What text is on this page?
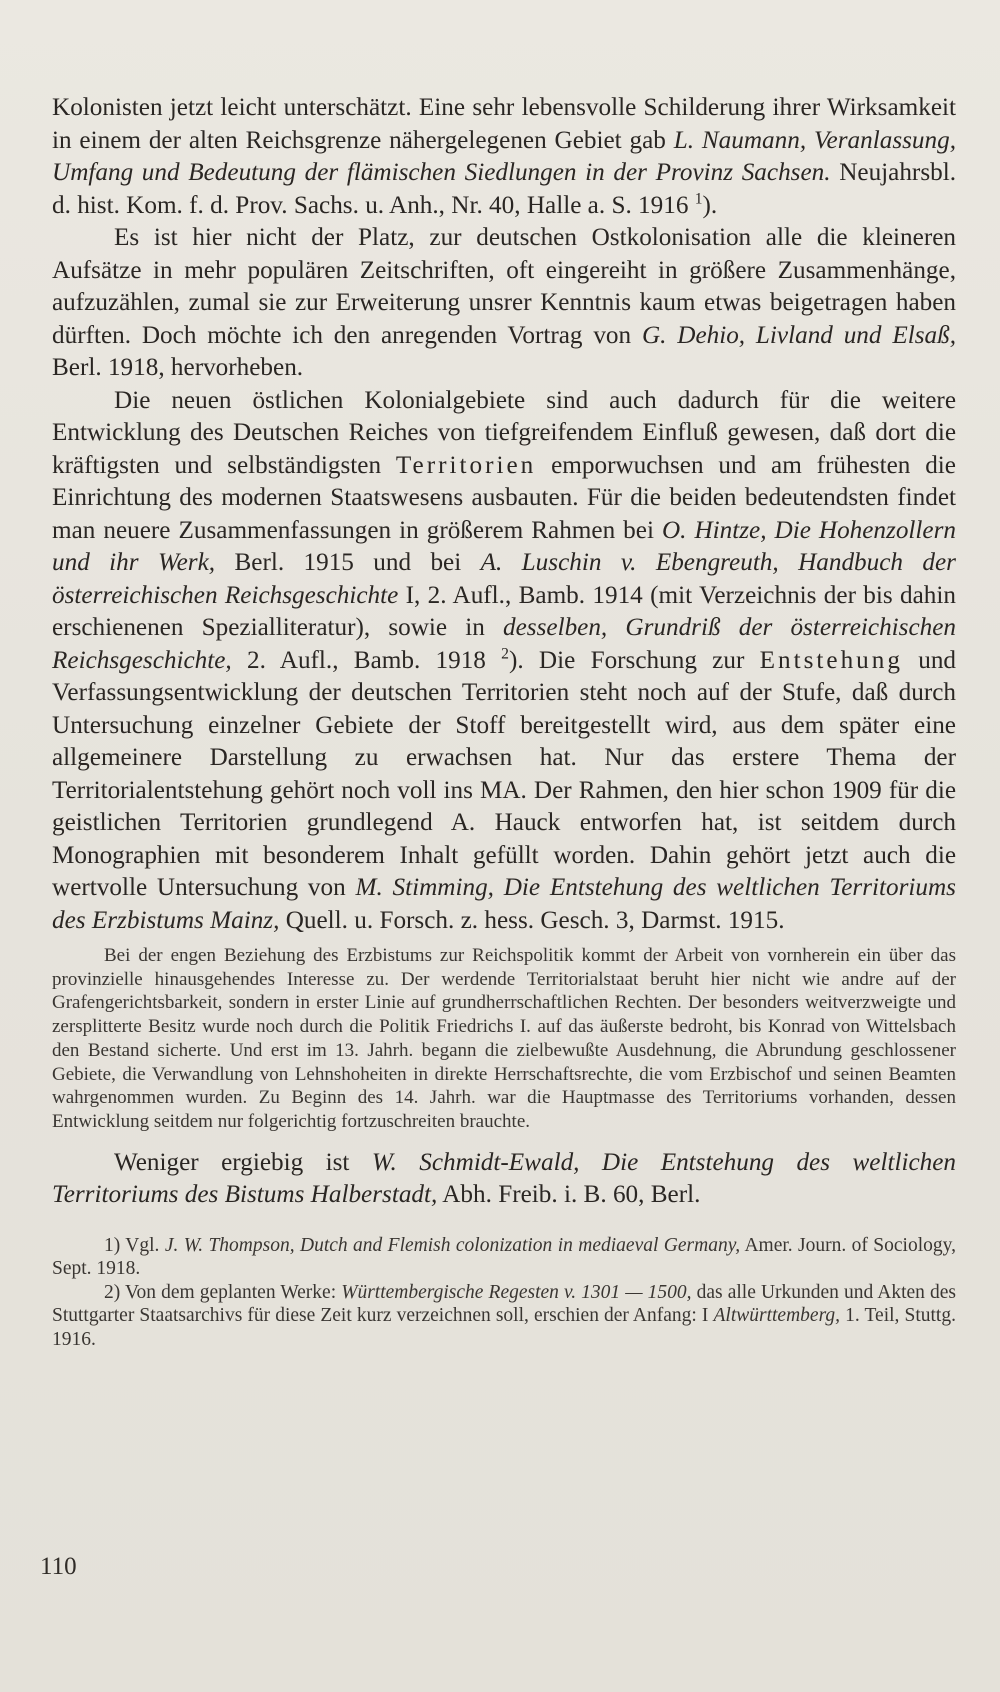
Kolonisten jetzt leicht unterschätzt. Eine sehr lebensvolle Schilderung ihrer Wirksamkeit in einem der alten Reichsgrenze nähergelegenen Gebiet gab L. Naumann, Veranlassung, Umfang und Bedeutung der flämischen Siedlungen in der Provinz Sachsen. Neujahrsbl. d. hist. Kom. f. d. Prov. Sachs. u. Anh., Nr. 40, Halle a. S. 1916 $^1$).

Es ist hier nicht der Platz, zur deutschen Ostkolonisation alle die kleineren Aufsätze in mehr populären Zeitschriften, oft eingereiht in größere Zusammenhänge, aufzuzählen, zumal sie zur Erweiterung unsrer Kenntnis kaum etwas beigetragen haben dürften. Doch möchte ich den anregenden Vortrag von G. Dehio, Livland und Elsaß, Berl. 1918, hervorheben.

Die neuen östlichen Kolonialgebiete sind auch dadurch für die weitere Entwicklung des Deutschen Reiches von tiefgreifendem Einfluß gewesen, daß dort die kräftigsten und selbständigsten Territorien emporwuchsen und am frühesten die Einrichtung des modernen Staatswesens ausbauten. Für die beiden bedeutendsten findet man neuere Zusammenfassungen in größerem Rahmen bei O. Hintze, Die Hohenzollern und ihr Werk, Berl. 1915 und bei A. Luschin v. Ebengreuth, Handbuch der österreichischen Reichsgeschichte I, 2. Aufl., Bamb. 1914 (mit Verzeichnis der bis dahin erschienenen Spezialliteratur), sowie in desselben, Grundriß der österreichischen Reichsgeschichte, 2. Aufl., Bamb. 1918 $^2$). Die Forschung zur Entstehung und Verfassungsentwicklung der deutschen Territorien steht noch auf der Stufe, daß durch Untersuchung einzelner Gebiete der Stoff bereitgestellt wird, aus dem später eine allgemeinere Darstellung zu erwachsen hat. Nur das erstere Thema der Territorialentstehung gehört noch voll ins MA. Der Rahmen, den hier schon 1909 für die geistlichen Territorien grundlegend A. Hauck entworfen hat, ist seitdem durch Monographien mit besonderem Inhalt gefüllt worden. Dahin gehört jetzt auch die wertvolle Untersuchung von M. Stimming, Die Entstehung des weltlichen Territoriums des Erzbistums Mainz, Quell. u. Forsch. z. hess. Gesch. 3, Darmst. 1915.

Bei der engen Beziehung des Erzbistums zur Reichspolitik kommt der Arbeit von vornherein ein über das provinzielle hinausgehendes Interesse zu. Der werdende Territorialstaat beruht hier nicht wie andre auf der Grafengerichtsbarkeit, sondern in erster Linie auf grundherrschaftlichen Rechten. Der besonders weitverzweigte und zersplitterte Besitz wurde noch durch die Politik Friedrichs I. auf das äußerste bedroht, bis Konrad von Wittelsbach den Bestand sicherte. Und erst im 13. Jahrh. begann die zielbewußte Ausdehnung, die Abrundung geschlossener Gebiete, die Verwandlung von Lehnshoheiten in direkte Herrschaftsrechte, die vom Erzbischof und seinen Beamten wahrgenommen wurden. Zu Beginn des 14. Jahrh. war die Hauptmasse des Territoriums vorhanden, dessen Entwicklung seitdem nur folgerichtig fortzuschreiten brauchte.

Weniger ergiebig ist W. Schmidt-Ewald, Die Entstehung des weltlichen Territoriums des Bistums Halberstadt, Abh. Freib. i. B. 60, Berl.

1) Vgl. J. W. Thompson, Dutch and Flemish colonization in mediaeval Germany, Amer. Journ. of Sociology, Sept. 1918.

2) Von dem geplanten Werke: Württembergische Regesten v. 1301 — 1500, das alle Urkunden und Akten des Stuttgarter Staatsarchivs für diese Zeit kurz verzeichnen soll, erschien der Anfang: I Altwürttemberg, 1. Teil, Stuttg. 1916.

110
